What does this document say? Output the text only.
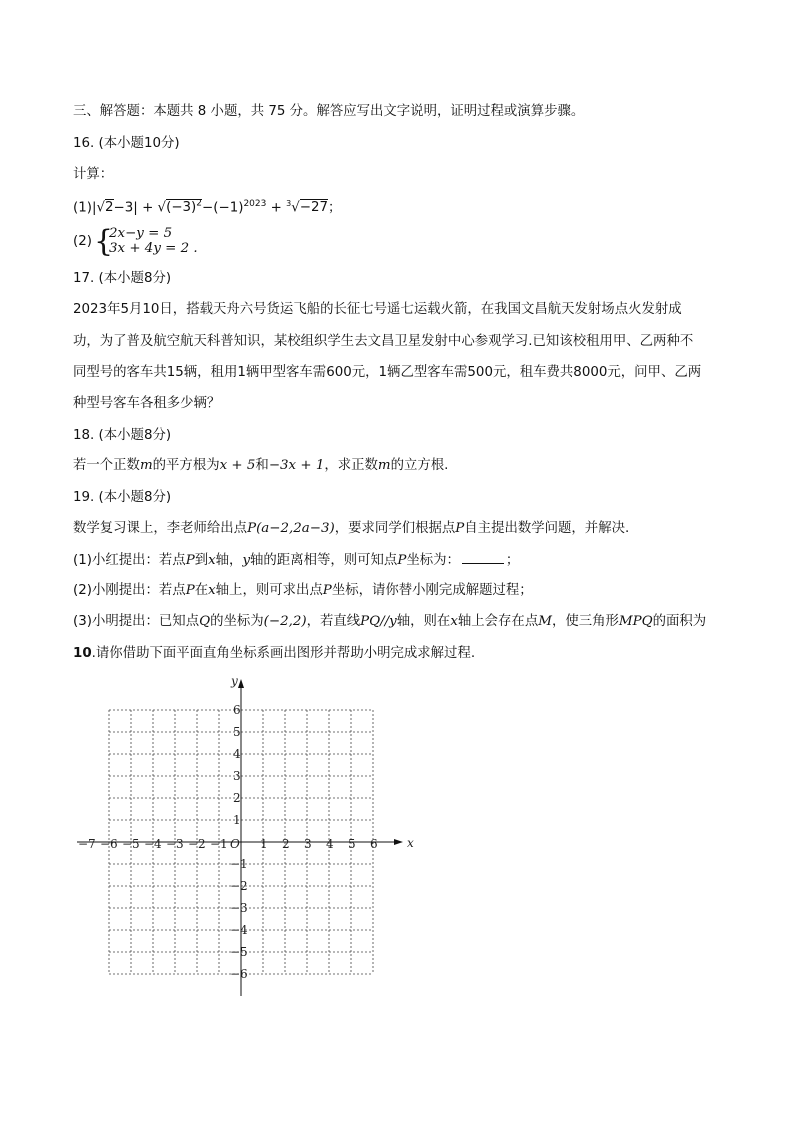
三、解答题：本题共 8 小题，共 75 分。解答应写出文字说明，证明过程或演算步骤。
16. (本小题10分)
计算：
$(1)|√2-3| + √(-3)^2-(-1)^{2023} + ^3√-27$；
(2) {
2x−y = 5
3x + 4y = 2 .
17. (本小题8分)
2023年5月10日，搭载天舟六号货运飞船的长征七号遥七运载火箭，在我国文昌航天发射场点火发射成
功，为了普及航空航天科普知识，某校组织学生去文昌卫星发射中心参观学习.已知该校租用甲、乙两种不
同型号的客车共15辆，租用1辆甲型客车需600元，1辆乙型客车需500元，租车费共8000元，问甲、乙两
种型号客车各租多少辆？
18. (本小题8分)
若一个正数m的平方根为x + 5和−3x + 1，求正数m的立方根.
19. (本小题8分)
数学复习课上，李老师给出点P(a−2,2a−3)，要求同学们根据点P自主提出数学问题，并解决.
(1)小红提出：若点P到x轴，y轴的距离相等，则可知点P坐标为：	；
(2)小刚提出：若点P在x轴上，则可求出点P坐标，请你替小刚完成解题过程；
(3)小明提出：已知点Q的坐标为(−2,2)，若直线PQ//y轴，则在x轴上会存在点M，使三角形MPQ的面积为
10.请你借助下面平面直角坐标系画出图形并帮助小明完成求解过程.
x
y
O
−7 −6 −5 −4 −3 −2 −1	1 2 3 4 5 6
6
5
4
3
2
1
−1
−2
−3
−4
−5
−6
